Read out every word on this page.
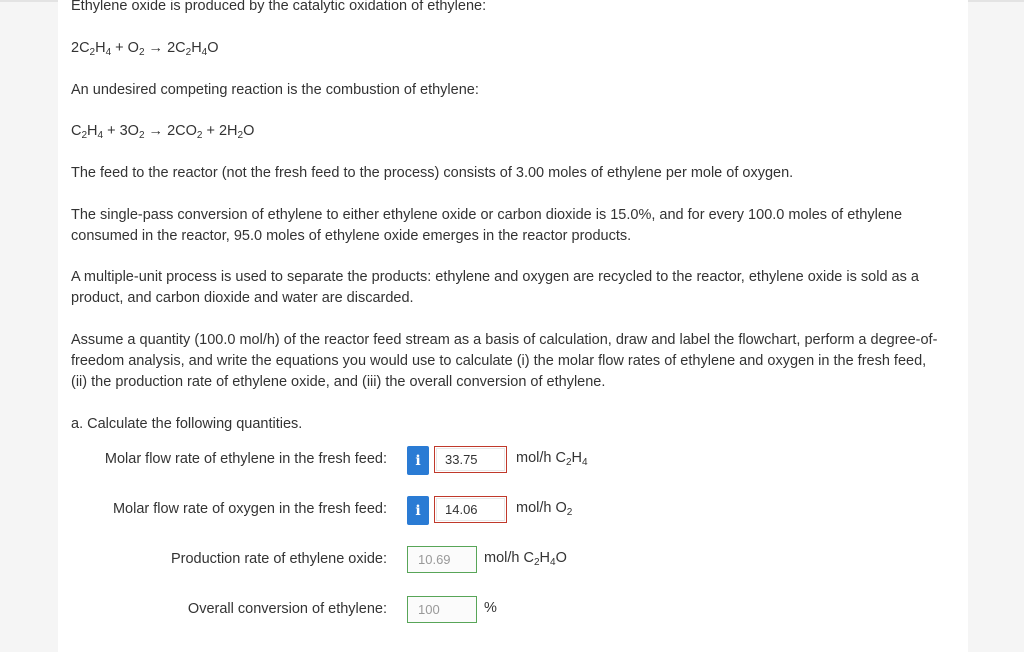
Ethylene oxide is produced by the catalytic oxidation of ethylene:
$2C_2H_4 + O_2 \to 2C_2H_4O$
An undesired competing reaction is the combustion of ethylene:
$C_2H_4 + 3O_2 \to 2CO_2 + 2H_2O$
The feed to the reactor (not the fresh feed to the process) consists of 3.00 moles of ethylene per mole of oxygen.
The single-pass conversion of ethylene to either ethylene oxide or carbon dioxide is 15.0%, and for every 100.0 moles of ethylene consumed in the reactor, 95.0 moles of ethylene oxide emerges in the reactor products.
A multiple-unit process is used to separate the products: ethylene and oxygen are recycled to the reactor, ethylene oxide is sold as a product, and carbon dioxide and water are discarded.
Assume a quantity (100.0 mol/h) of the reactor feed stream as a basis of calculation, draw and label the flowchart, perform a degree-of-freedom analysis, and write the equations you would use to calculate (i) the molar flow rates of ethylene and oxygen in the fresh feed, (ii) the production rate of ethylene oxide, and (iii) the overall conversion of ethylene.
a. Calculate the following quantities.
Molar flow rate of ethylene in the fresh feed:	i	33.75	mol/h $C_2H_4$
Molar flow rate of oxygen in the fresh feed:	i	14.06	mol/h $O_2$
Production rate of ethylene oxide:	10.69	mol/h $C_2H_4O$
Overall conversion of ethylene:	100	%
